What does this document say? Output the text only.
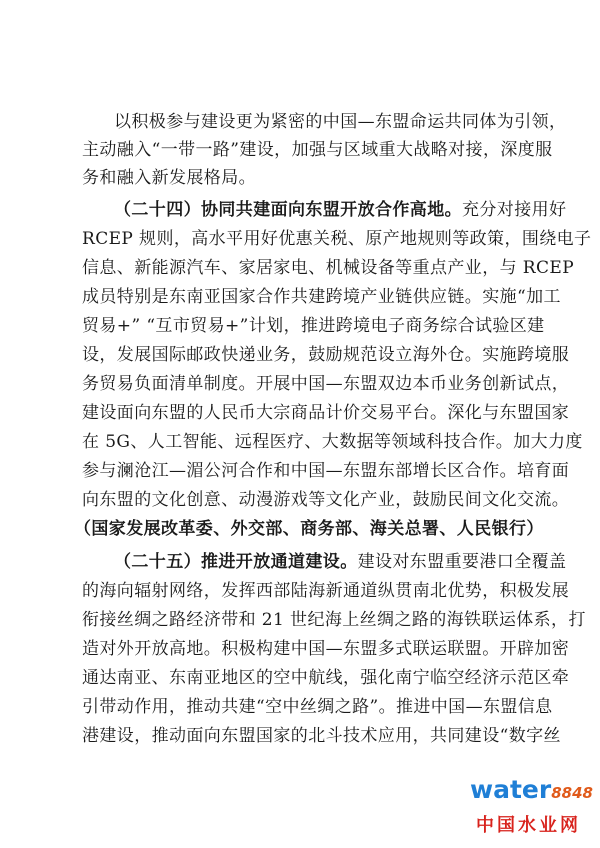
以积极参与建设更为紧密的中国—东盟命运共同体为引领，
主动融入“一带一路”建设，加强与区域重大战略对接，深度服
务和融入新发展格局。
（二十四）协同共建面向东盟开放合作高地。充分对接用好
RCEP 规则，高水平用好优惠关税、原产地规则等政策，围绕电子
信息、新能源汽车、家居家电、机械设备等重点产业，与 RCEP
成员特别是东南亚国家合作共建跨境产业链供应链。实施“加工
贸易+” “互市贸易+”计划，推进跨境电子商务综合试验区建
设，发展国际邮政快递业务，鼓励规范设立海外仓。实施跨境服
务贸易负面清单制度。开展中国—东盟双边本币业务创新试点，
建设面向东盟的人民币大宗商品计价交易平台。深化与东盟国家
在 5G、人工智能、远程医疗、大数据等领域科技合作。加大力度
参与澜沧江—湄公河合作和中国—东盟东部增长区合作。培育面
向东盟的文化创意、动漫游戏等文化产业，鼓励民间文化交流。
（国家发展改革委、外交部、商务部、海关总署、人民银行）
（二十五）推进开放通道建设。建设对东盟重要港口全覆盖
的海向辐射网络，发挥西部陆海新通道纵贯南北优势，积极发展
衔接丝绸之路经济带和 21 世纪海上丝绸之路的海铁联运体系，打
造对外开放高地。积极构建中国—东盟多式联运联盟。开辟加密
通达南亚、东南亚地区的空中航线，强化南宁临空经济示范区牵
引带动作用，推动共建“空中丝绸之路”。推进中国—东盟信息
港建设，推动面向东盟国家的北斗技术应用，共同建设“数字丝
water8848
中国水业网
